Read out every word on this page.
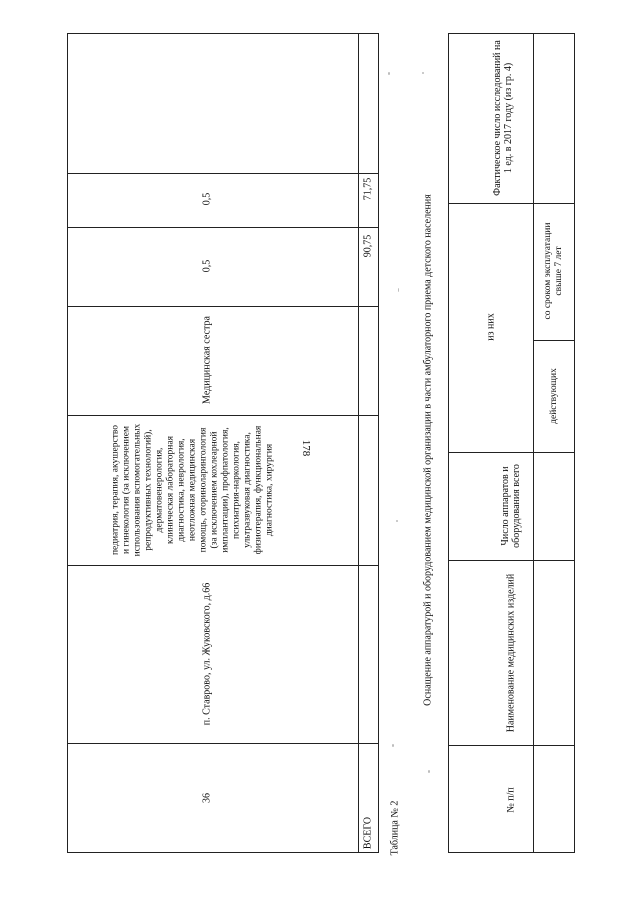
178
36
п. Ставрово, ул. Жуковского, д.66
педиатрия, терапия, акушерство и гинекология (за исключением использования вспомогательных репродуктивных технологий), дерматовенерология, клиническая лабораторная диагностика, неврология, неотложная медицинская помощь, оториноларингология (за исключением кохлеарной имплантации), профпатология, психиатрия-наркология, ультразвуковая диагностика, физиотерапия, функциональная диагностика, хирургия
Медицинская сестра
0,5
0,5
ВСЕГО
90,75
71,75
Таблица № 2
Оснащение аппаратурой и оборудованием медицинской организации в части амбулаторного приема детского населения
№ п/п
Наименование медицинских изделий
Число аппаратов и оборудования всего
из них
действующих
со сроком эксплуатации свыше 7 лет
Фактическое число исследований на 1 ед. в 2017 году (из гр. 4)
